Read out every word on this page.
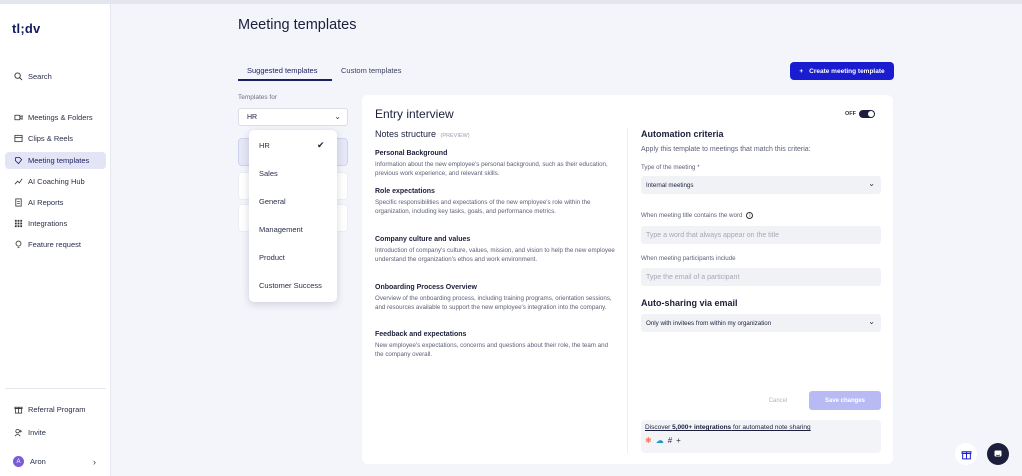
tl;dv
Search
Meetings & Folders
Clips & Reels
Meeting templates
AI Coaching Hub
AI Reports
Integrations
Feature request
Referral Program
Invite
A	Aron	›
Meeting templates
Suggested templates	Custom templates	+ Create meeting template
Templates for
HR	⌄
HR	✔
Sales
General
Management
Product
Customer Success
Entry interview	OFF
Notes structure (PREVIEW)
Personal Background
Information about the new employee's personal background, such as their education, previous work experience, and relevant skills.
Role expectations
Specific responsibilities and expectations of the new employee's role within the organization, including key tasks, goals, and performance metrics.
Company culture and values
Introduction of company's culture, values, mission, and vision to help the new employee understand the organization's ethos and work environment.
Onboarding Process Overview
Overview of the onboarding process, including training programs, orientation sessions, and resources available to support the new employee's integration into the company.
Feedback and expectations
New employee's expectations, concerns and questions about their role, the team and the company overall.
Automation criteria
Apply this template to meetings that match this criteria:
Type of the meeting *
Internal meetings	⌄
When meeting title contains the word	i
Type a word that always appear on the title
When meeting participants include
Type the email of a participant
Auto-sharing via email
Only with invitees from within my organization	⌄
Cancel	Save changes
Discover 5,000+ integrations for automated note sharing
✱ ☁ # +
